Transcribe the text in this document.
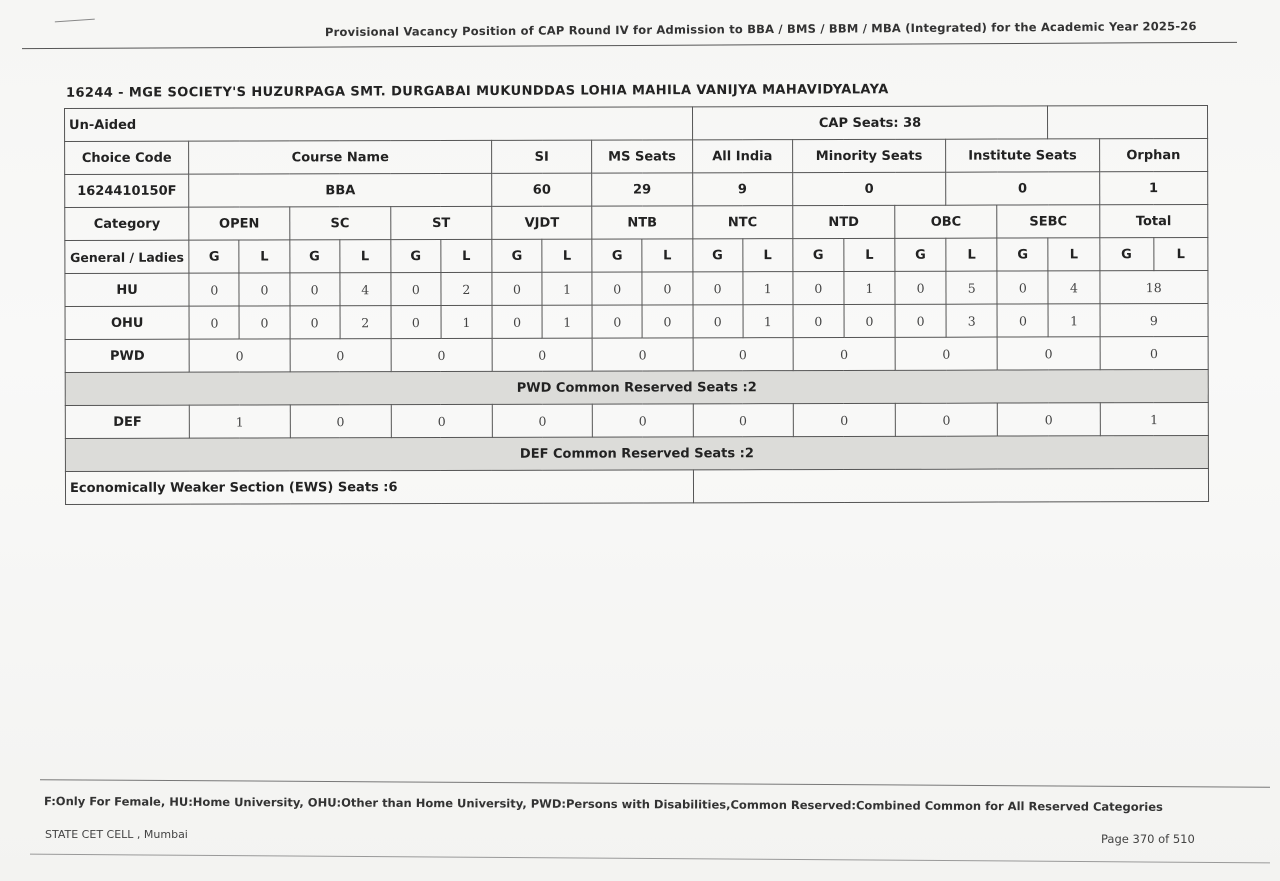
Provisional Vacancy Position of CAP Round IV for Admission to BBA / BMS / BBM / MBA (Integrated) for the Academic Year 2025-26
16244 - MGE SOCIETY'S HUZURPAGA SMT. DURGABAI MUKUNDDAS LOHIA MAHILA VANIJYA MAHAVIDYALAYA
Un-Aided											CAP Seats: 38									
Choice Code	Course Name						SI		MS Seats		All India		Minority Seats			Institute Seats			Orphan	
1624410150F	BBA						60		29		9		0			0			1	
Category	OPEN		SC		ST		VJDT		NTB		NTC		NTD		OBC		SEBC		Total	
General / Ladies	G	L	G	L	G	L	G	L	G	L	G	L	G	L	G	L	G	L	G	L
HU	0	0	0	4	0	2	0	1	0	0	0	1	0	1	0	5	0	4	18	
OHU	0	0	0	2	0	1	0	1	0	0	0	1	0	0	0	3	0	1	9	
PWD	0		0		0		0		0		0		0		0		0		0	
PWD Common Reserved Seats :2																				
DEF	1		0		0		0		0		0		0		0		0		1	
DEF Common Reserved Seats :2																				
Economically Weaker Section (EWS) Seats :6																				
F:Only For Female, HU:Home University, OHU:Other than Home University, PWD:Persons with Disabilities,Common Reserved:Combined Common for All Reserved Categories
STATE CET CELL , Mumbai	Page 370 of 510
